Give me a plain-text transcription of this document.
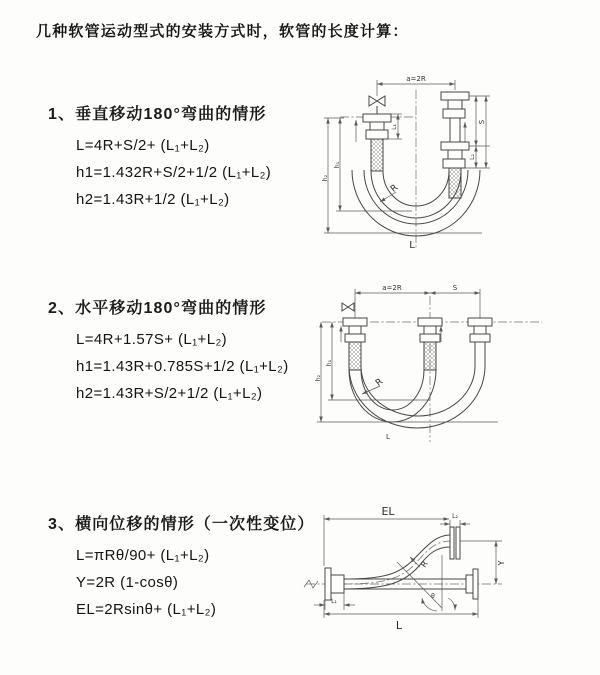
几种软管运动型式的安装方式时，软管的长度计算：
1、垂直移动180°弯曲的情形

L=4R+S/2+ (L₁+L₂)

h1=1.432R+S/2+1/2 (L₁+L₂)

h2=1.43R+1/2 (L₁+L₂)

2、水平移动180°弯曲的情形

L=4R+1.57S+ (L₁+L₂)

h1=1.43R+0.785S+1/2 (L₁+L₂)

h2=1.43R+S/2+1/2 (L₁+L₂)

3、横向位移的情形（一次性变位）

L=πRθ/90+ (L₁+L₂)

Y=2R (1-cosθ)

EL=2Rsinθ+ (L₁+L₂)

a=2R
L₁
h₁
h₂
S
L₂
R
L
a=2R	S
h₁
h₂	R
L
EL	L₂
L₁
Y
θ
R
L
